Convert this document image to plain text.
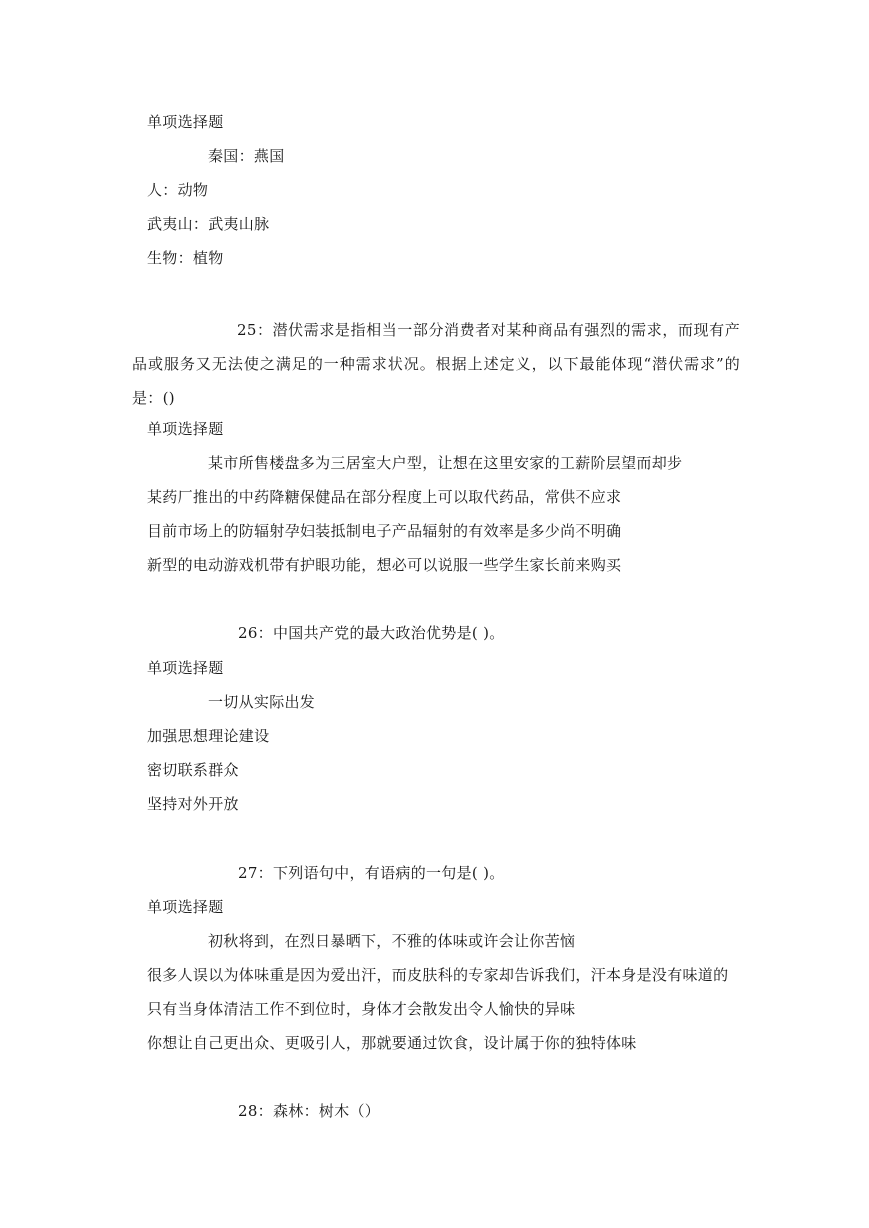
单项选择题
秦国：燕国
人：动物
武夷山：武夷山脉
生物：植物
25：潜伏需求是指相当一部分消费者对某种商品有强烈的需求，而现有产品或服务又无法使之满足的一种需求状况。根据上述定义，以下最能体现“潜伏需求”的是：()
单项选择题
某市所售楼盘多为三居室大户型，让想在这里安家的工薪阶层望而却步
某药厂推出的中药降糖保健品在部分程度上可以取代药品，常供不应求
目前市场上的防辐射孕妇装抵制电子产品辐射的有效率是多少尚不明确
新型的电动游戏机带有护眼功能，想必可以说服一些学生家长前来购买
26：中国共产党的最大政治优势是( )。
单项选择题
一切从实际出发
加强思想理论建设
密切联系群众
坚持对外开放
27：下列语句中，有语病的一句是( )。
单项选择题
初秋将到，在烈日暴晒下，不雅的体味或许会让你苦恼
很多人误以为体味重是因为爱出汗，而皮肤科的专家却告诉我们，汗本身是没有味道的
只有当身体清洁工作不到位时，身体才会散发出令人愉快的异味
你想让自己更出众、更吸引人，那就要通过饮食，设计属于你的独特体味
28：森林：树木（）
